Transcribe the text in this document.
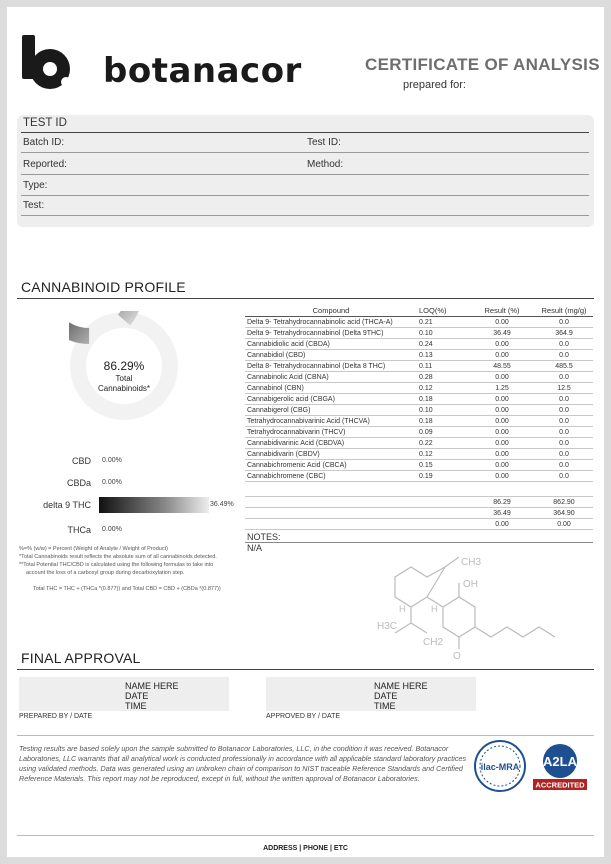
botanacor	CERTIFICATE OF ANALYSIS
prepared for:
TEST ID
Batch ID:	Test ID:
Reported:	Method:
Type:
Test:
CANNABINOID PROFILE
86.29%
Total
Cannabinoids*
CBD 0.00%
CBDa 0.00%
delta 9 THC	36.49%
THCa 0.00%
%=% (w/w) = Percent (Weight of Analyte / Weight of Product)
*Total Cannabinoids result reflects the absolute sum of all cannabinoids detected.
**Total Potential THC/CBD is calculated using the following formulas to take into
account the loss of a carboxyl group during decarboxylation step.
Total THC = THC + (THCa *(0.877)) and Total CBD = CBD + (CBDa *(0.877))
Compound	LOQ(%)	Result (%)	Result (mg/g)
Delta 9- Tetrahydrocannabinolic acid (THCA-A)	0.21	0.00	0.0
Delta 9- Tetrahydrocannabinol (Delta 9THC)	0.10	36.49	364.9
Cannabidiolic acid (CBDA)	0.24	0.00	0.0
Cannabidiol (CBD)	0.13	0.00	0.0
Delta 8- Tetrahydrocannabinol (Delta 8 THC)	0.11	48.55	485.5
Cannabinolic Acid (CBNA)	0.28	0.00	0.0
Cannabinol (CBN)	0.12	1.25	12.5
Cannabigerolic acid (CBGA)	0.18	0.00	0.0
Cannabigerol (CBG)	0.10	0.00	0.0
Tetrahydrocannabivarinic Acid (THCVA)	0.18	0.00	0.0
Tetrahydrocannabivarin (THCV)	0.09	0.00	0.0
Cannabidivarinic Acid (CBDVA)	0.22	0.00	0.0
Cannabidivarin (CBDV)	0.12	0.00	0.0
Cannabichromenic Acid (CBCA)	0.15	0.00	0.0
Cannabichromene (CBC)	0.19	0.00	0.0

		86.29	862.90
		36.49	364.90
		0.00	0.00
NOTES:
N/A
CH3
OH
H	H
H3C
CH2
O
FINAL APPROVAL
NAME HERE
DATE
TIME
PREPARED BY / DATE
NAME HERE
DATE
TIME
APPROVED BY / DATE
Testing results are based solely upon the sample submitted to Botanacor Laboratories, LLC, in the condition it was received. Botanacor Laboratories, LLC warrants that all analytical work is conducted professionally in accordance with all applicable standard laboratory practices using validated methods. Data was generated using an unbroken chain of comparison to NIST traceable Reference Standards and Certified Reference Materials. This report may not be reproduced, except in full, without the written approval of Botanacor Laboratories.
ilac-MRA A2LA
ACCREDITED
ADDRESS | PHONE | ETC
